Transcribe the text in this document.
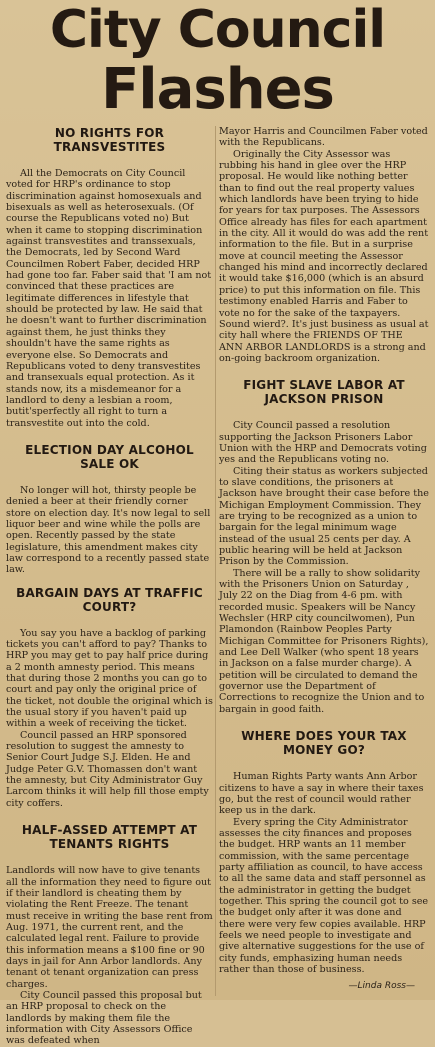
City Council
Flashes
NO RIGHTS FOR TRANSVESTITES

All the Democrats on City Council voted for HRP's ordinance to stop discrimination against homosexuals and bisexuals as well as heterosexuals. (Of course the Republicans voted no) But when it came to stopping discrimination against transvestites and transsexuals, the Democrats, led by Second Ward Councilmen Robert Faber, decided HRP had gone too far. Faber said that 'I am not convinced that these practices are legitimate differences in lifestyle that should be protected by law. He said that he doesn't want to further discrimination against them, he just thinks they shouldn't have the same rights as everyone else. So Democrats and Republicans voted to deny transvestites and transexuals equal protection. As it stands now, its a misdemeanor for a landlord to deny a lesbian a room, butit'sperfectly all right to turn a transvestite out into the cold.

ELECTION DAY ALCOHOL SALE OK

No longer will hot, thirsty people be denied a beer at their friendly corner store on election day. It's now legal to sell liquor beer and wine while the polls are open. Recently passed by the state legislature, this amendment makes city law correspond to a recently passed state law.

BARGAIN DAYS AT TRAFFIC COURT?

You say you have a backlog of parking tickets you can't afford to pay? Thanks to HRP you may get to pay half price during a 2 month amnesty period. This means that during those 2 months you can go to court and pay only the original price of the ticket, not double the original which is the usual story if you haven't paid up within a week of receiving the ticket.

Council passed an HRP sponsored resolution to suggest the amnesty to Senior Court Judge S.J. Elden. He and Judge Peter G.V. Thomassen don't want the amnesty, but City Administrator Guy Larcom thinks it will help fill those empty city coffers.

HALF-ASSED ATTEMPT AT TENANTS RIGHTS

Landlords will now have to give tenants all the information they need to figure out if their landlord is cheating them by violating the Rent Freeze. The tenant must receive in writing the base rent from Aug. 1971, the current rent, and the calculated legal rent. Failure to provide this information means a $100 fine or 90 days in jail for Ann Arbor landlords. Any tenant ot tenant organization can press charges.

City Council passed this proposal but an HRP proposal to check on the landlords by making them file the information with City Assessors Office was defeated when

Mayor Harris and Councilmen Faber voted with the Republicans.

Originally the City Assessor was rubbing his hand in glee over the HRP proposal. He would like nothing better than to find out the real property values which landlords have been trying to hide for years for tax purposes. The Assessors Office already has files for each apartment in the city. All it would do was add the rent information to the file. But in a surprise move at council meeting the Assessor changed his mind and incorrectly declared it would take $16,000 (which is an absurd price) to put this information on file. This testimony enabled Harris and Faber to vote no for the sake of the taxpayers. Sound wierd?. It's just business as usual at city hall where the FRIENDS OF THE ANN ARBOR LANDLORDS is a strong and on-going backroom organization.

FIGHT SLAVE LABOR AT JACKSON PRISON

City Council passed a resolution supporting the Jackson Prisoners Labor Union with the HRP and Democrats voting yes and the Republicans voting no.

Citing their status as workers subjected to slave conditions, the prisoners at Jackson have brought their case before the Michigan Employment Commission. They are trying to be recognized as a union to bargain for the legal minimum wage instead of the usual 25 cents per day. A public hearing will be held at Jackson Prison by the Commission.

There will be a rally to show solidarity with the Prisoners Union on Saturday , July 22 on the Diag from 4-6 pm. with recorded music. Speakers will be Nancy Wechsler (HRP city councilwomen), Pun Plamondon (Rainbow Peoples Party Michigan Committee for Prisoners Rights), and Lee Dell Walker (who spent 18 years in Jackson on a false murder charge). A petition will be circulated to demand the governor use the Department of Corrections to recognize the Union and to bargain in good faith.

WHERE DOES YOUR TAX MONEY GO?

Human Rights Party wants Ann Arbor citizens to have a say in where their taxes go, but the rest of council would rather keep us in the dark.

Every spring the City Administrator assesses the city finances and proposes the budget. HRP wants an 11 member commission, with the same percentage party affiliation as council, to have access to all the same data and staff personnel as the administrator in getting the budget together. This spring the council got to see the budget only after it was done and there were very few copies available. HRP feels we need people to investigate and give alternative suggestions for the use of city funds, emphasizing human needs rather than those of business.

—Linda Ross—
